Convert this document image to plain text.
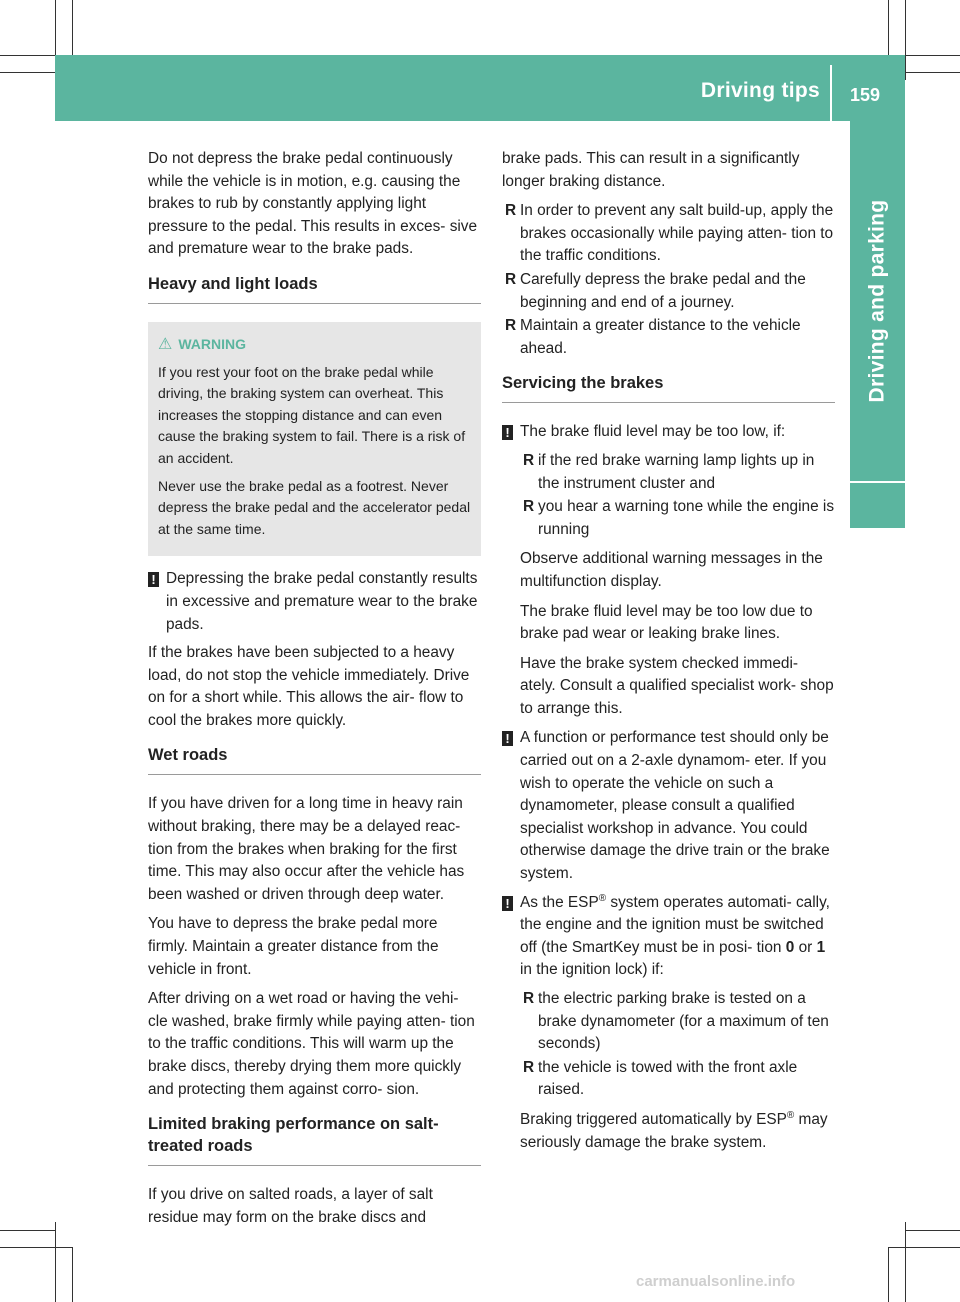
Driving tips 159
Driving and parking

Do not depress the brake pedal continuously while the vehicle is in motion, e.g. causing the brakes to rub by constantly applying light pressure to the pedal. This results in exces- sive and premature wear to the brake pads.

Heavy and light loads
⚠ WARNING

If you rest your foot on the brake pedal while driving, the braking system can overheat. This increases the stopping distance and can even cause the braking system to fail. There is a risk of an accident.

Never use the brake pedal as a footrest. Never depress the brake pedal and the accelerator pedal at the same time.

! Depressing the brake pedal constantly results in excessive and premature wear to the brake pads.

If the brakes have been subjected to a heavy load, do not stop the vehicle immediately. Drive on for a short while. This allows the air- flow to cool the brakes more quickly.

Wet roads

If you have driven for a long time in heavy rain without braking, there may be a delayed reac- tion from the brakes when braking for the first time. This may also occur after the vehicle has been washed or driven through deep water.

You have to depress the brake pedal more firmly. Maintain a greater distance from the vehicle in front.

After driving on a wet road or having the vehi- cle washed, brake firmly while paying atten- tion to the traffic conditions. This will warm up the brake discs, thereby drying them more quickly and protecting them against corro- sion.

Limited braking performance on salt-treated roads

If you drive on salted roads, a layer of salt residue may form on the brake discs and

brake pads. This can result in a significantly longer braking distance.

R In order to prevent any salt build-up, apply the brakes occasionally while paying atten- tion to the traffic conditions.
R Carefully depress the brake pedal and the beginning and end of a journey.
R Maintain a greater distance to the vehicle ahead.
Servicing the brakes
! The brake fluid level may be too low, if:
R if the red brake warning lamp lights up in the instrument cluster and
R you hear a warning tone while the engine is running

Observe additional warning messages in the multifunction display.

The brake fluid level may be too low due to brake pad wear or leaking brake lines.

Have the brake system checked immedi- ately. Consult a qualified specialist work- shop to arrange this.

! A function or performance test should only be carried out on a 2-axle dynamom- eter. If you wish to operate the vehicle on such a dynamometer, please consult a qualified specialist workshop in advance. You could otherwise damage the drive train or the brake system.
! As the ESP® system operates automati- cally, the engine and the ignition must be switched off (the SmartKey must be in posi- tion 0 or 1 in the ignition lock) if:
R the electric parking brake is tested on a brake dynamometer (for a maximum of ten seconds)
R the vehicle is towed with the front axle raised.

Braking triggered automatically by ESP® may seriously damage the brake system.

carmanualsonline.info
